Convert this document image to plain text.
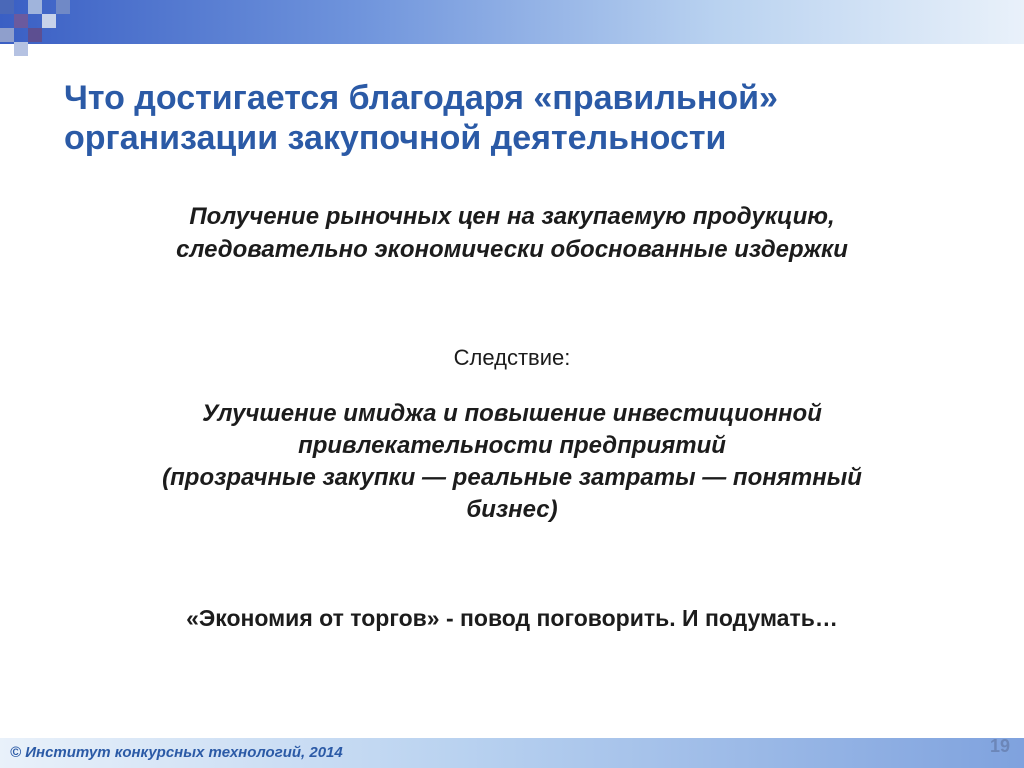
Что достигается благодаря «правильной»
организации закупочной деятельности

Получение рыночных цен на закупаемую продукцию,
следовательно экономически обоснованные издержки

Следствие:

Улучшение имиджа и повышение инвестиционной
привлекательности предприятий
(прозрачные закупки — реальные затраты — понятный
бизнес)

«Экономия от торгов» - повод поговорить. И подумать…

© Институт конкурсных технологий, 2014	19
